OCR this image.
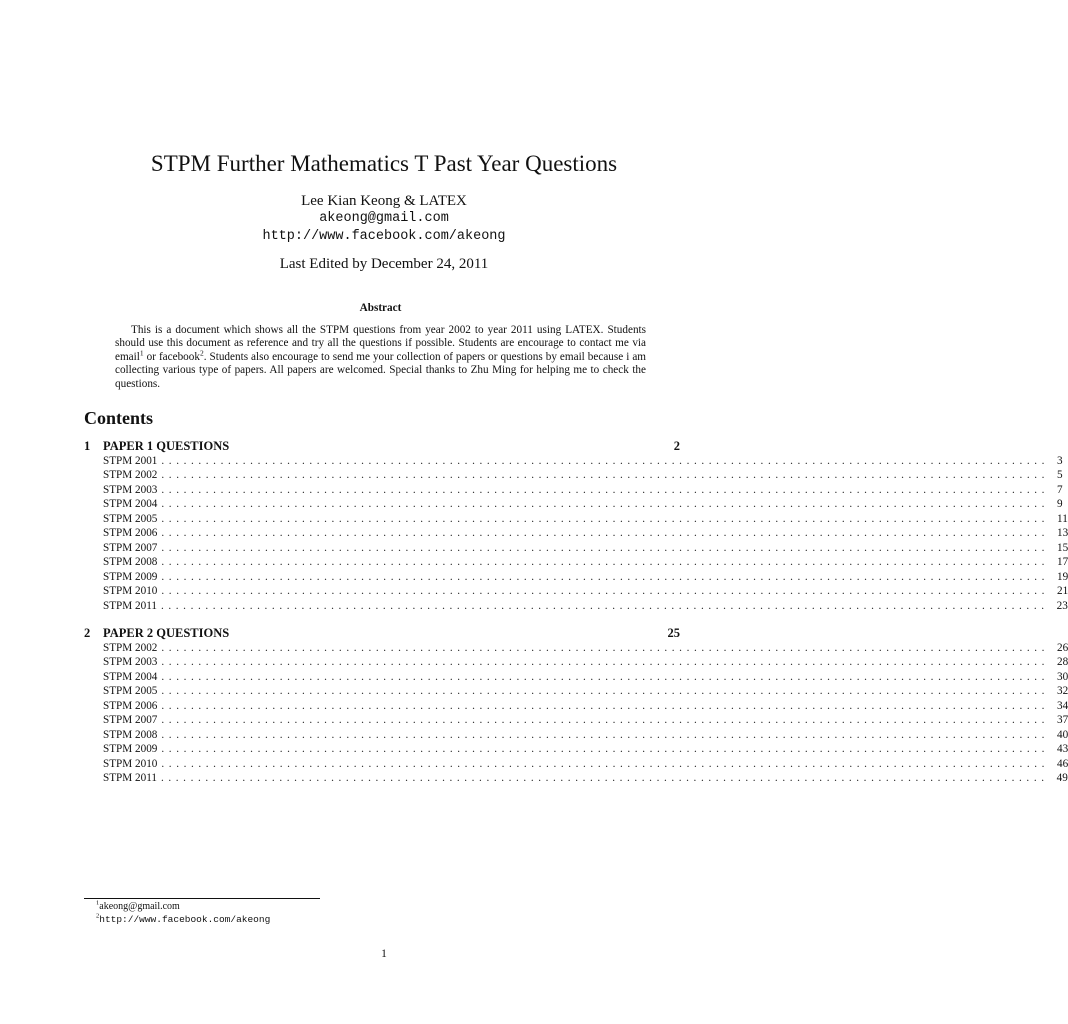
STPM Further Mathematics T Past Year Questions
Lee Kian Keong & LATEX
akeong@gmail.com
http://www.facebook.com/akeong
Last Edited by December 24, 2011
Abstract
This is a document which shows all the STPM questions from year 2002 to year 2011 using LATEX. Students should use this document as reference and try all the questions if possible. Students are encourage to contact me via email$^1$ or facebook$^2$. Students also encourage to send me your collection of papers or questions by email because i am collecting various type of papers. All papers are welcomed. Special thanks to Zhu Ming for helping me to check the questions.
Contents
1	PAPER 1 QUESTIONS	2
STPM 2001 ........................................................................................................................ 3
STPM 2002 ........................................................................................................................ 5
STPM 2003 ........................................................................................................................ 7
STPM 2004 ........................................................................................................................ 9
STPM 2005 ........................................................................................................................ 11
STPM 2006 ........................................................................................................................ 13
STPM 2007 ........................................................................................................................ 15
STPM 2008 ........................................................................................................................ 17
STPM 2009 ........................................................................................................................ 19
STPM 2010 ........................................................................................................................ 21
STPM 2011 ........................................................................................................................ 23
2	PAPER 2 QUESTIONS	25
STPM 2002 ........................................................................................................................ 26
STPM 2003 ........................................................................................................................ 28
STPM 2004 ........................................................................................................................ 30
STPM 2005 ........................................................................................................................ 32
STPM 2006 ........................................................................................................................ 34
STPM 2007 ........................................................................................................................ 37
STPM 2008 ........................................................................................................................ 40
STPM 2009 ........................................................................................................................ 43
STPM 2010 ........................................................................................................................ 46
STPM 2011 ........................................................................................................................ 49
$^1$akeong@gmail.com
$^2$http://www.facebook.com/akeong
1
